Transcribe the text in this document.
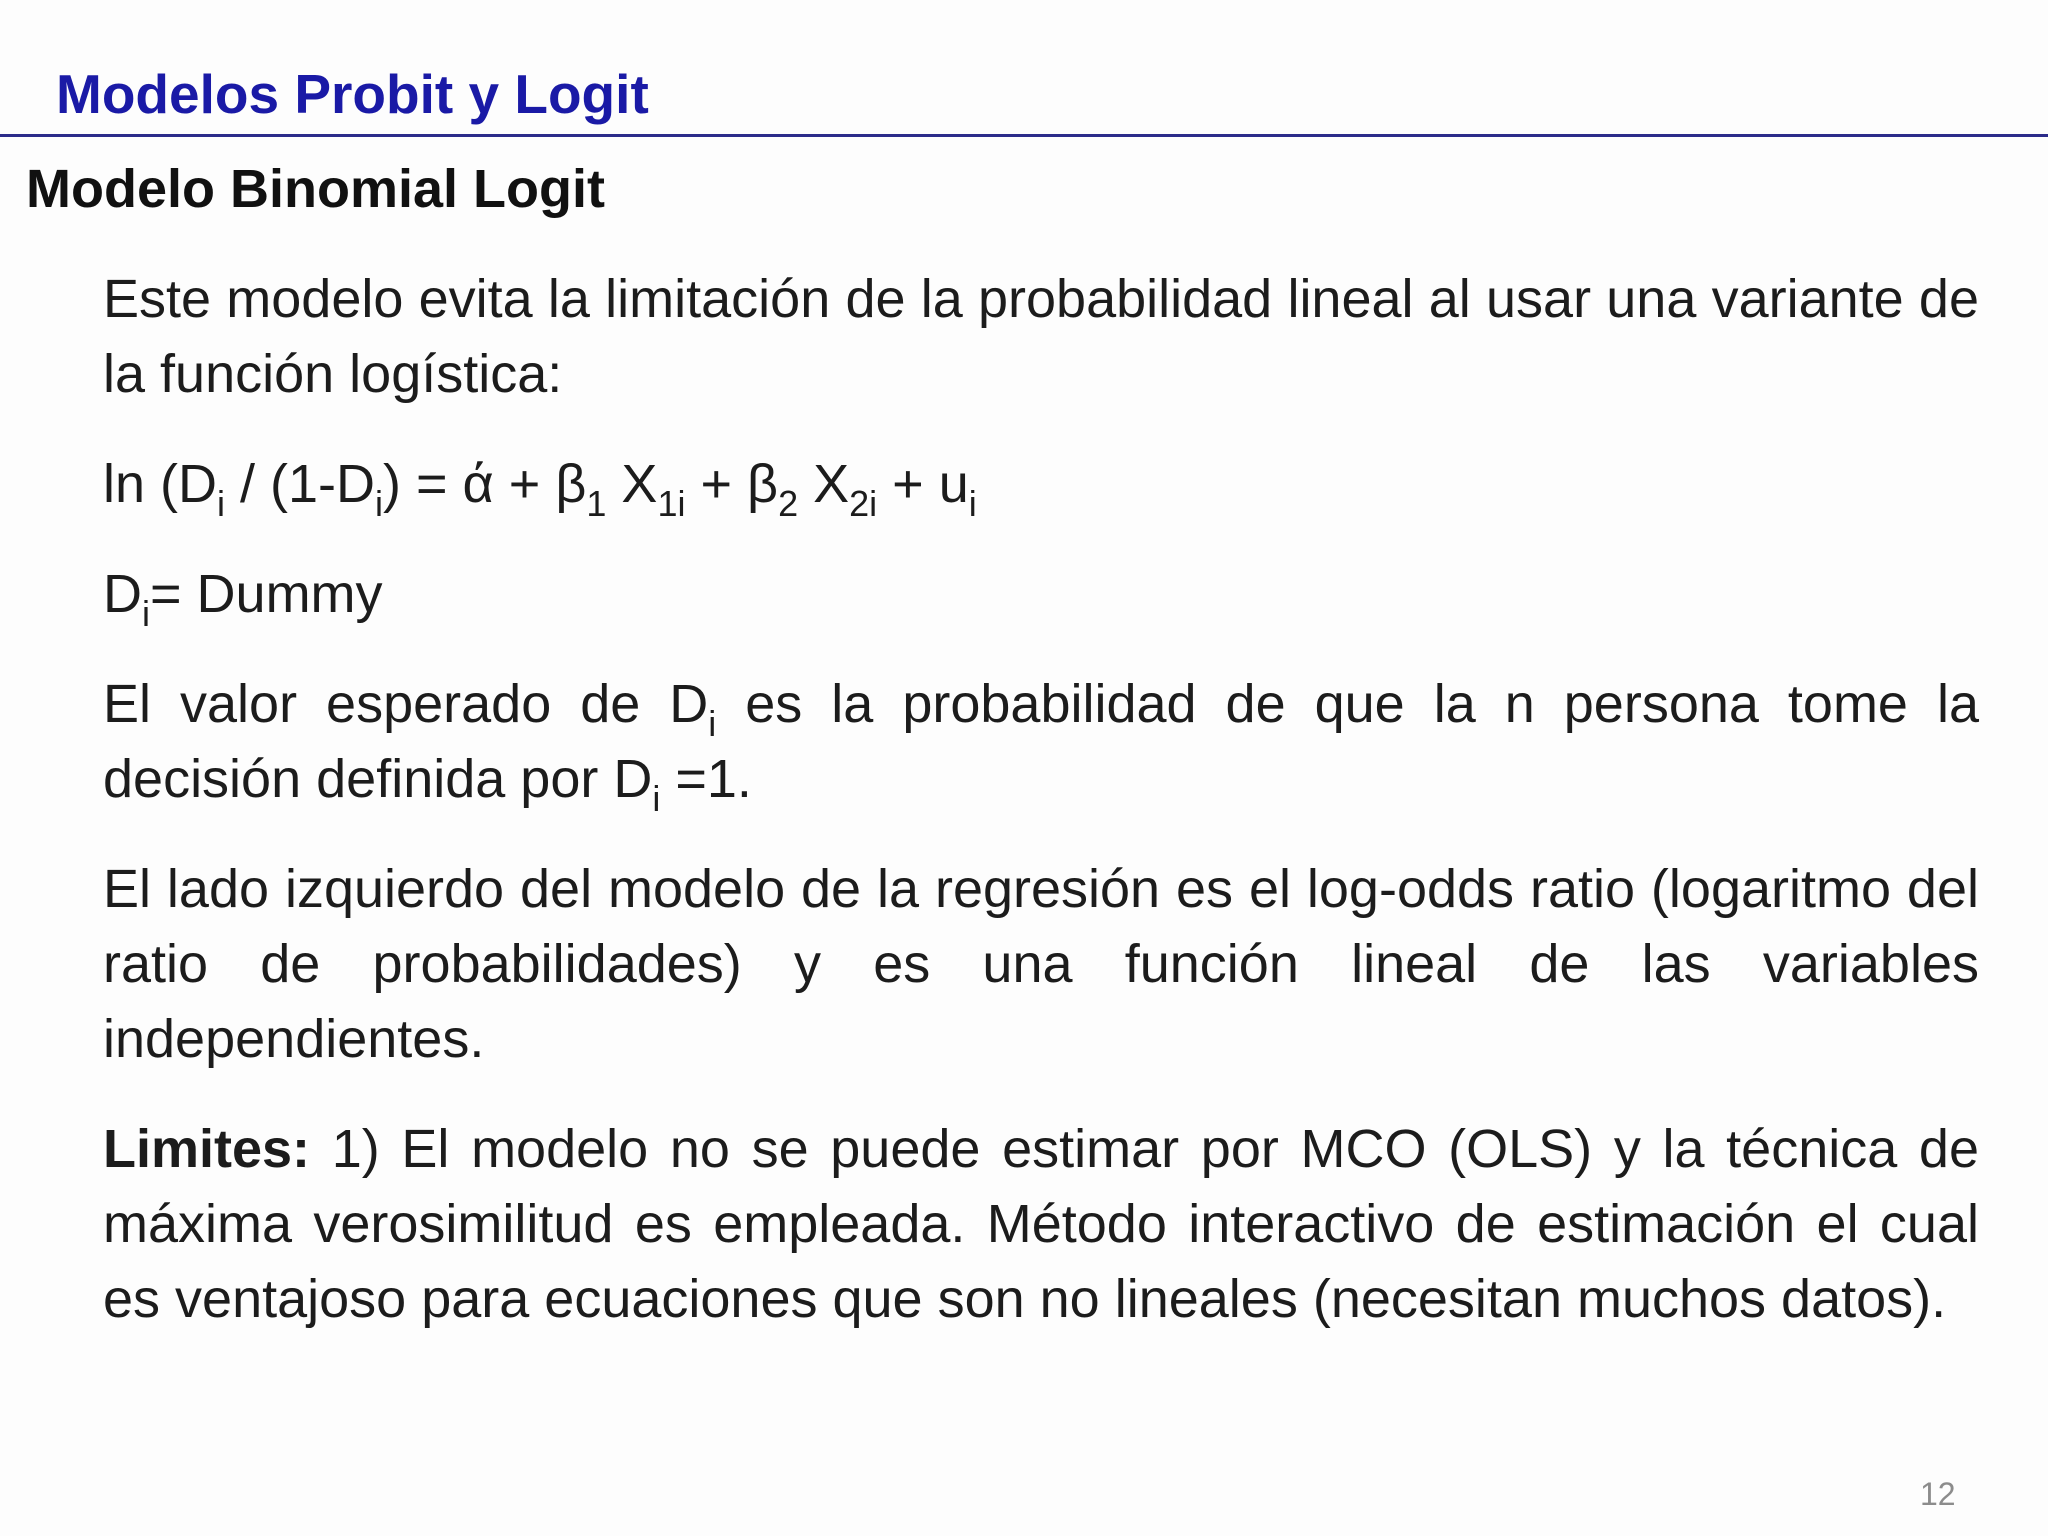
Modelos Probit y Logit
Modelo Binomial Logit

Este modelo evita la limitación de la probabilidad lineal al usar una variante de la función logística:

$\ln (D_i / (1-D_i) = ά + \beta_1$ $X_{1i} + \beta_2$ $X_{2i} + u_i$

$D_i=$ Dummy

El valor esperado de $D_i$ es la probabilidad de que la n persona tome la decisión definida por $D_i =1$.

El lado izquierdo del modelo de la regresión es el log-odds ratio (logaritmo del ratio de probabilidades) y es una función lineal de las variables independientes.

Limites: 1) El modelo no se puede estimar por MCO (OLS) y la técnica de máxima verosimilitud es empleada. Método interactivo de estimación el cual es ventajoso para ecuaciones que son no lineales (necesitan muchos datos).

12
